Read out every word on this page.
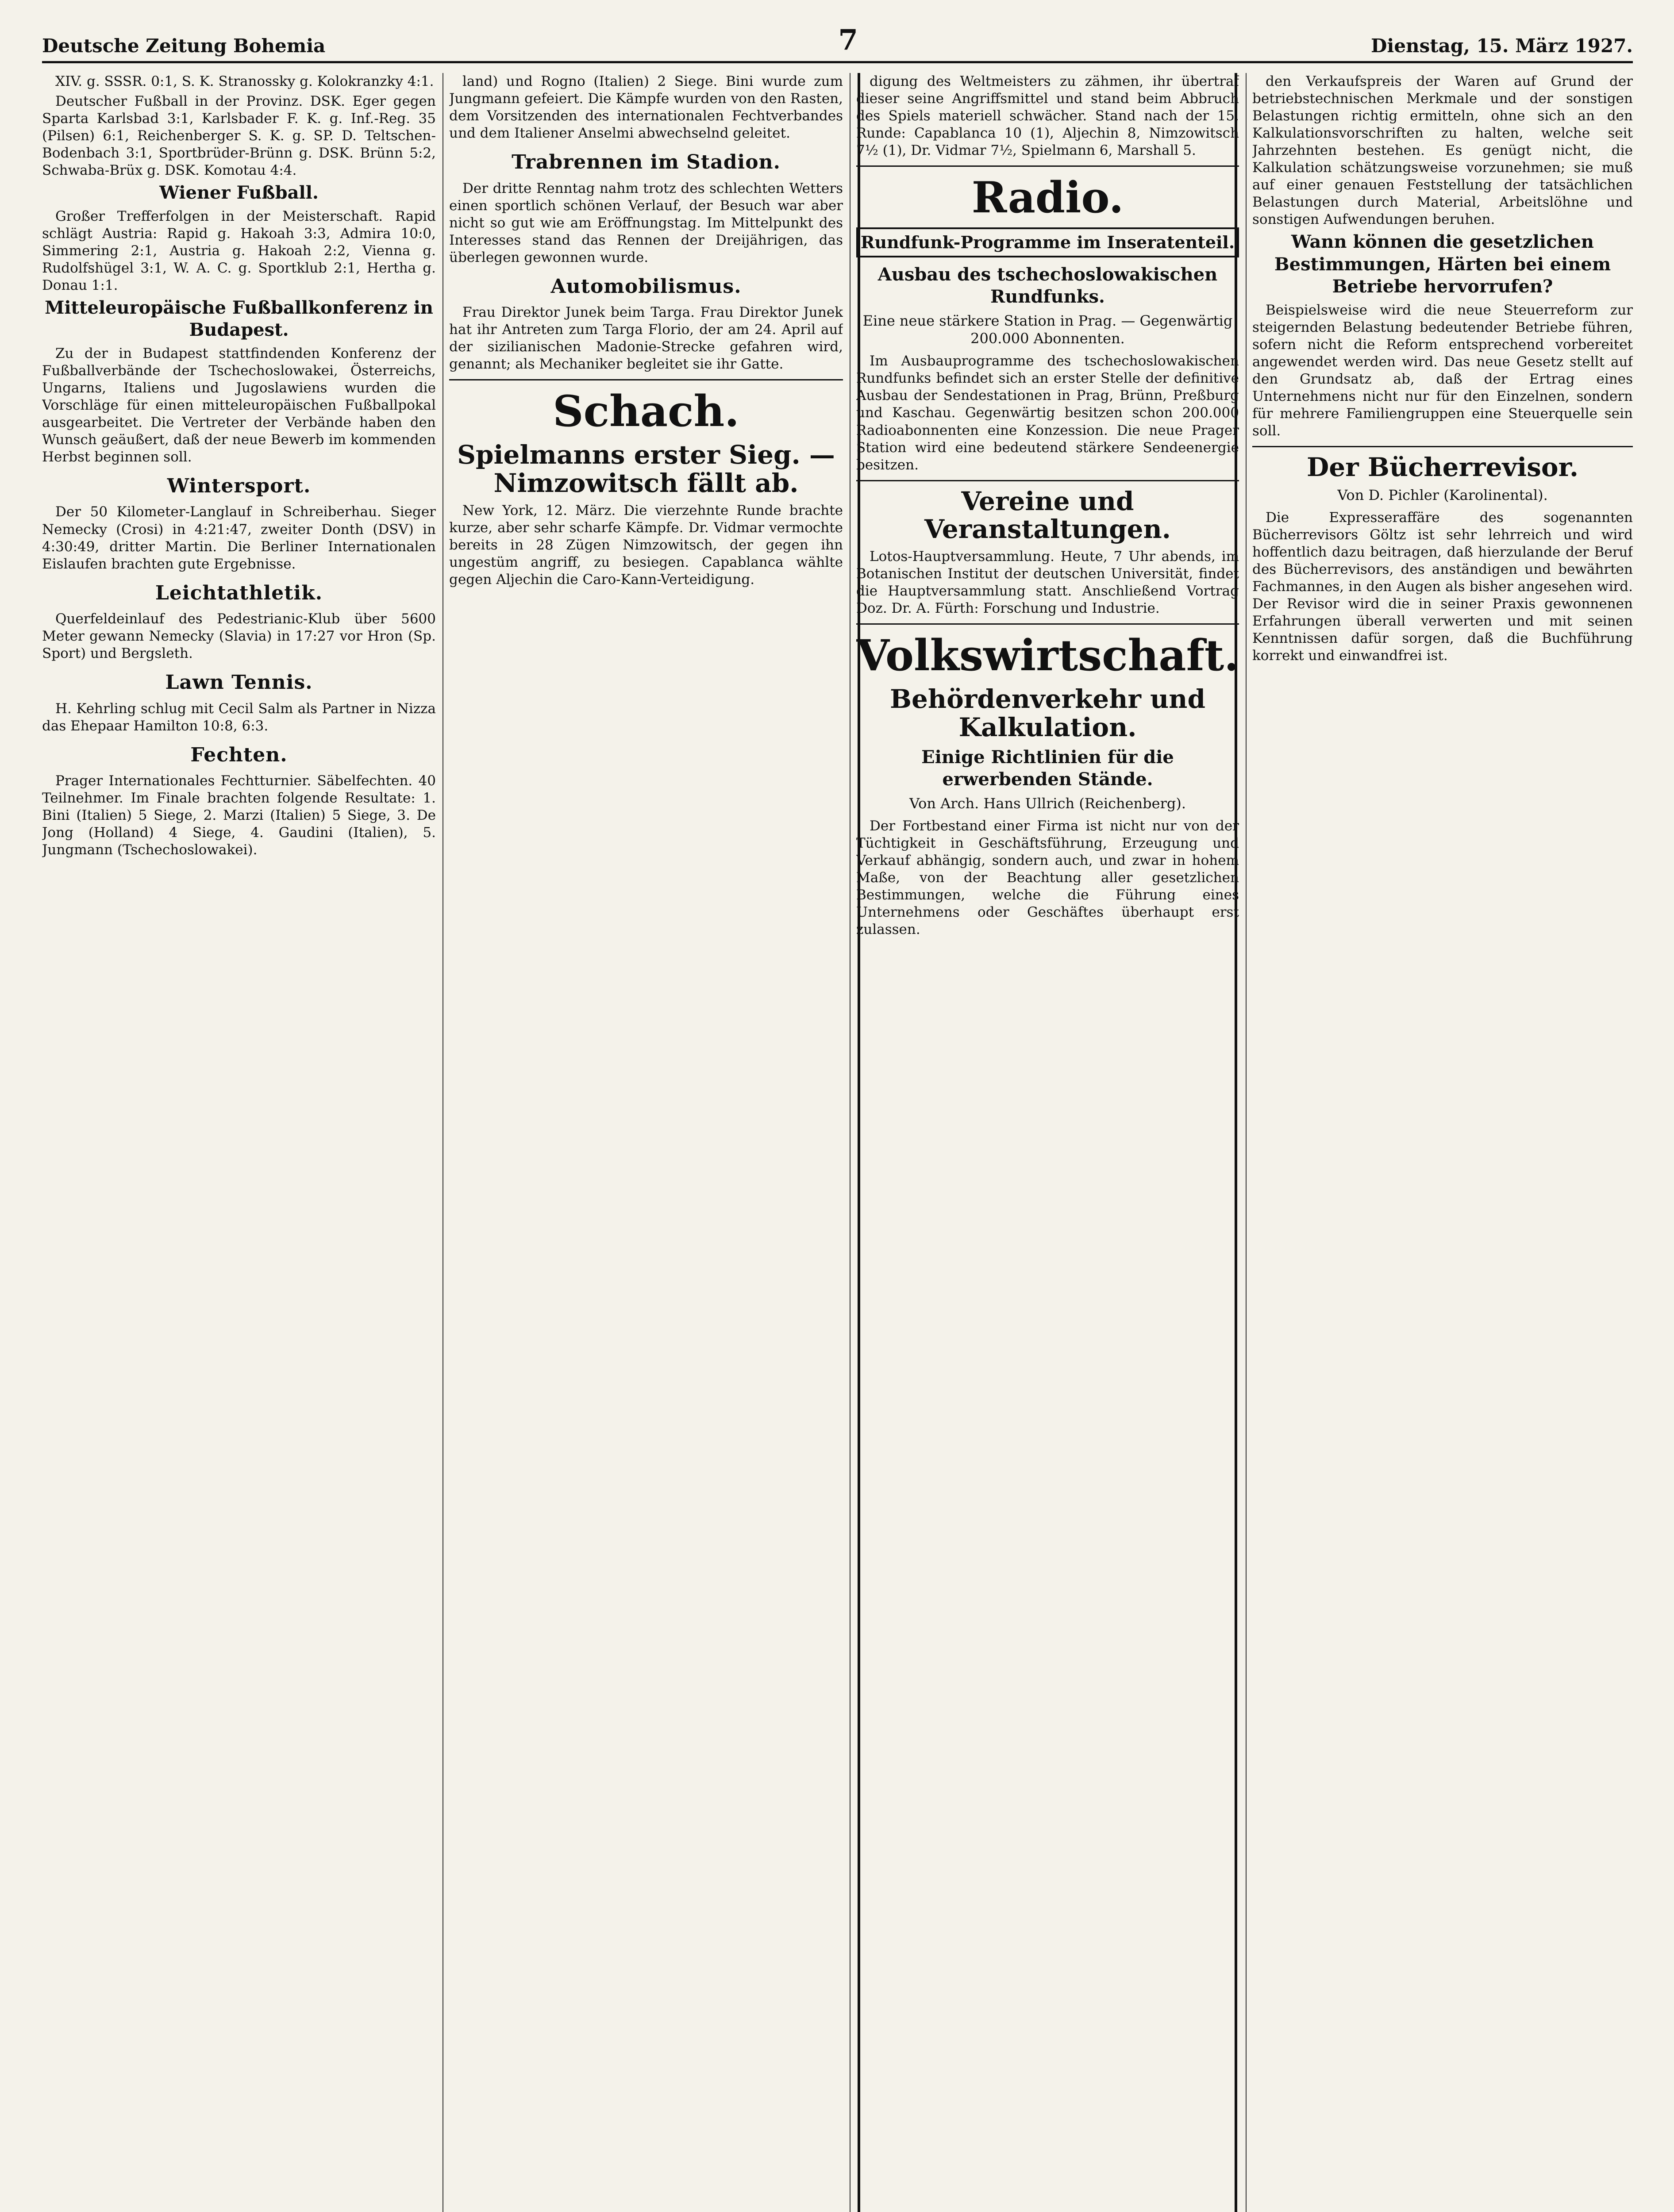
Deutsche Zeitung Bohemia	7	Dienstag, 15. März 1927.

XIV. g. SSSR. 0:1, S. K. Stranossky g. Kolokranzky 4:1.

Deutscher Fußball in der Provinz. DSK. Eger gegen Sparta Karlsbad 3:1, Karlsbader F. K. g. Inf.-Reg. 35 (Pilsen) 6:1, Reichenberger S. K. g. SP. D. Teltschen-Bodenbach 3:1, Sportbrüder-Brünn g. DSK. Brünn 5:2, Schwaba-Brüx g. DSK. Komotau 4:4.

Wiener Fußball.

Großer Trefferfolgen in der Meisterschaft. Rapid schlägt Austria: Rapid g. Hakoah 3:3, Admira 10:0, Simmering 2:1, Austria g. Hakoah 2:2, Vienna g. Rudolfshügel 3:1, W. A. C. g. Sportklub 2:1, Hertha g. Donau 1:1.

Mitteleuropäische Fußballkonferenz in Budapest.

Zu der in Budapest stattfindenden Konferenz der Fußballverbände der Tschechoslowakei, Österreichs, Ungarns, Italiens und Jugoslawiens wurden die Vorschläge für einen mitteleuropäischen Fußballpokal ausgearbeitet. Die Vertreter der Verbände haben den Wunsch geäußert, daß der neue Bewerb im kommenden Herbst beginnen soll.

Wintersport.

Der 50 Kilometer-Langlauf in Schreiberhau. Sieger Nemecky (Crosi) in 4:21:47, zweiter Donth (DSV) in 4:30:49, dritter Martin. Die Berliner Internationalen Eislaufen brachten gute Ergebnisse.

Leichtathletik.

Querfeldeinlauf des Pedestrianic-Klub über 5600 Meter gewann Nemecky (Slavia) in 17:27 vor Hron (Sp. Sport) und Bergsleth.

Lawn Tennis.

H. Kehrling schlug mit Cecil Salm als Partner in Nizza das Ehepaar Hamilton 10:8, 6:3.

Fechten.

Prager Internationales Fechtturnier. Säbelfechten. 40 Teilnehmer. Im Finale brachten folgende Resultate: 1. Bini (Italien) 5 Siege, 2. Marzi (Italien) 5 Siege, 3. De Jong (Holland) 4 Siege, 4. Gaudini (Italien), 5. Jungmann (Tschechoslowakei).

land) und Rogno (Italien) 2 Siege. Bini wurde zum Jungmann gefeiert. Die Kämpfe wurden von den Rasten, dem Vorsitzenden des internationalen Fechtverbandes und dem Italiener Anselmi abwechselnd geleitet.

Trabrennen im Stadion.

Der dritte Renntag nahm trotz des schlechten Wetters einen sportlich schönen Verlauf, der Besuch war aber nicht so gut wie am Eröffnungstag. Im Mittelpunkt des Interesses stand das Rennen der Dreijährigen, das überlegen gewonnen wurde.

Automobilismus.

Frau Direktor Junek beim Targa. Frau Direktor Junek hat ihr Antreten zum Targa Florio, der am 24. April auf der sizilianischen Madonie-Strecke gefahren wird, genannt; als Mechaniker begleitet sie ihr Gatte.

Schach.
Spielmanns erster Sieg. — Nimzowitsch fällt ab.

New York, 12. März. Die vierzehnte Runde brachte kurze, aber sehr scharfe Kämpfe. Dr. Vidmar vermochte bereits in 28 Zügen Nimzowitsch, der gegen ihn ungestüm angriff, zu besiegen. Capablanca wählte gegen Aljechin die Caro-Kann-Verteidigung.

digung des Weltmeisters zu zähmen, ihr übertraf dieser seine Angriffsmittel und stand beim Abbruch des Spiels materiell schwächer. Stand nach der 15. Runde: Capablanca 10 (1), Aljechin 8, Nimzowitsch 7½ (1), Dr. Vidmar 7½, Spielmann 6, Marshall 5.

Radio.
Rundfunk-Programme im Inseratenteil.
Ausbau des tschechoslowakischen Rundfunks.
Eine neue stärkere Station in Prag. — Gegenwärtig 200.000 Abonnenten.

Im Ausbauprogramme des tschechoslowakischen Rundfunks befindet sich an erster Stelle der definitive Ausbau der Sendestationen in Prag, Brünn, Preßburg und Kaschau. Gegenwärtig besitzen schon 200.000 Radioabonnenten eine Konzession. Die neue Prager Station wird eine bedeutend stärkere Sendeenergie besitzen.

Vereine und Veranstaltungen.

Lotos-Hauptversammlung. Heute, 7 Uhr abends, im Botanischen Institut der deutschen Universität, findet die Hauptversammlung statt. Anschließend Vortrag Doz. Dr. A. Fürth: Forschung und Industrie.

Volkswirtschaft.
Behördenverkehr und Kalkulation.
Einige Richtlinien für die erwerbenden Stände.
Von Arch. Hans Ullrich (Reichenberg).

Der Fortbestand einer Firma ist nicht nur von der Tüchtigkeit in Geschäftsführung, Erzeugung und Verkauf abhängig, sondern auch, und zwar in hohem Maße, von der Beachtung aller gesetzlichen Bestimmungen, welche die Führung eines Unternehmens oder Geschäftes überhaupt erst zulassen.

den Verkaufspreis der Waren auf Grund der betriebstechnischen Merkmale und der sonstigen Belastungen richtig ermitteln, ohne sich an den Kalkulationsvorschriften zu halten, welche seit Jahrzehnten bestehen. Es genügt nicht, die Kalkulation schätzungsweise vorzunehmen; sie muß auf einer genauen Feststellung der tatsächlichen Belastungen durch Material, Arbeitslöhne und sonstigen Aufwendungen beruhen.

Wann können die gesetzlichen Bestimmungen, Härten bei einem Betriebe hervorrufen?

Beispielsweise wird die neue Steuerreform zur steigernden Belastung bedeutender Betriebe führen, sofern nicht die Reform entsprechend vorbereitet angewendet werden wird. Das neue Gesetz stellt auf den Grundsatz ab, daß der Ertrag eines Unternehmens nicht nur für den Einzelnen, sondern für mehrere Familiengruppen eine Steuerquelle sein soll.

Der Bücherrevisor.
Von D. Pichler (Karolinental).

Die Expresseraffäre des sogenannten Bücherrevisors Göltz ist sehr lehrreich und wird hoffentlich dazu beitragen, daß hierzulande der Beruf des Bücherrevisors, des anständigen und bewährten Fachmannes, in den Augen als bisher angesehen wird. Der Revisor wird die in seiner Praxis gewonnenen Erfahrungen überall verwerten und mit seinen Kenntnissen dafür sorgen, daß die Buchführung korrekt und einwandfrei ist.
